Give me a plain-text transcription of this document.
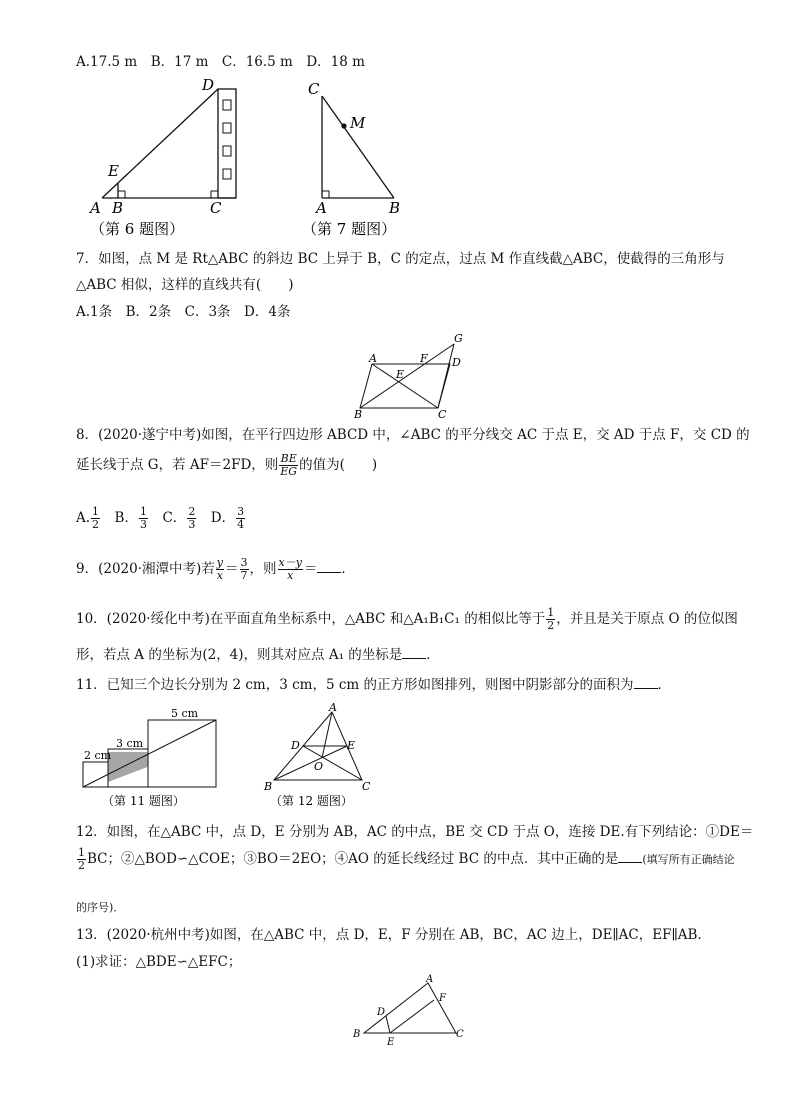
A.17.5 m　B．17 m　C．16.5 m　D．18 m
D
E
A B	C
（第 6 题图）
C
M
A	B
（第 7 题图）
7．如图，点 M 是 Rt△ABC 的斜边 BC 上异于 B，C 的定点，过点 M 作直线截△ABC，使截得的三角形与
△ABC 相似，这样的直线共有(　　)
A.1条　B．2条　C．3条　D．4条
A	F D
G
E
B	C
8．(2020·遂宁中考)如图，在平行四边形 ABCD 中，∠ABC 的平分线交 AC 于点 E，交 AD 于点 F，交 CD 的
延长线于点 G，若 AF＝2FD，则 $\frac{BE}{EG}$ 的值为(　　)
A. $\frac{1}{2}$ 　B． $\frac{1}{3}$ 　C． $\frac{2}{3}$ 　D． $\frac{3}{4}$
9．(2020·湘潭中考)若 $\frac{y}{x} = \frac{3}{7}$ ，则 $\frac{x-y}{x}$ ＝ ．
10．(2020·绥化中考)在平面直角坐标系中，△ABC 和△A₁B₁C₁ 的相似比等于 $\frac{1}{2}$ ，并且是关于原点 O 的位似图
形，若点 A 的坐标为(2，4)，则其对应点 A₁ 的坐标是 ．
11．已知三个边长分别为 2 cm，3 cm，5 cm 的正方形如图排列，则图中阴影部分的面积为 ．
2 cm
3 cm
5 cm
（第 11 题图）
A
D	E
O
B	C
（第 12 题图）
12．如图，在△ABC 中，点 D，E 分别为 AB，AC 的中点，BE 交 CD 于点 O，连接 DE.有下列结论：①DE＝
$\frac{1}{2}$ BC；②△BOD∽△COE；③BO＝2EO；④AO 的延长线经过 BC 的中点．其中正确的是 (填写所有正确结论
的序号)．
13．(2020·杭州中考)如图，在△ABC 中，点 D，E，F 分别在 AB，BC，AC 边上，DE∥AC，EF∥AB.
(1)求证：△BDE∽△EFC；
A
F
D
B
E
C
